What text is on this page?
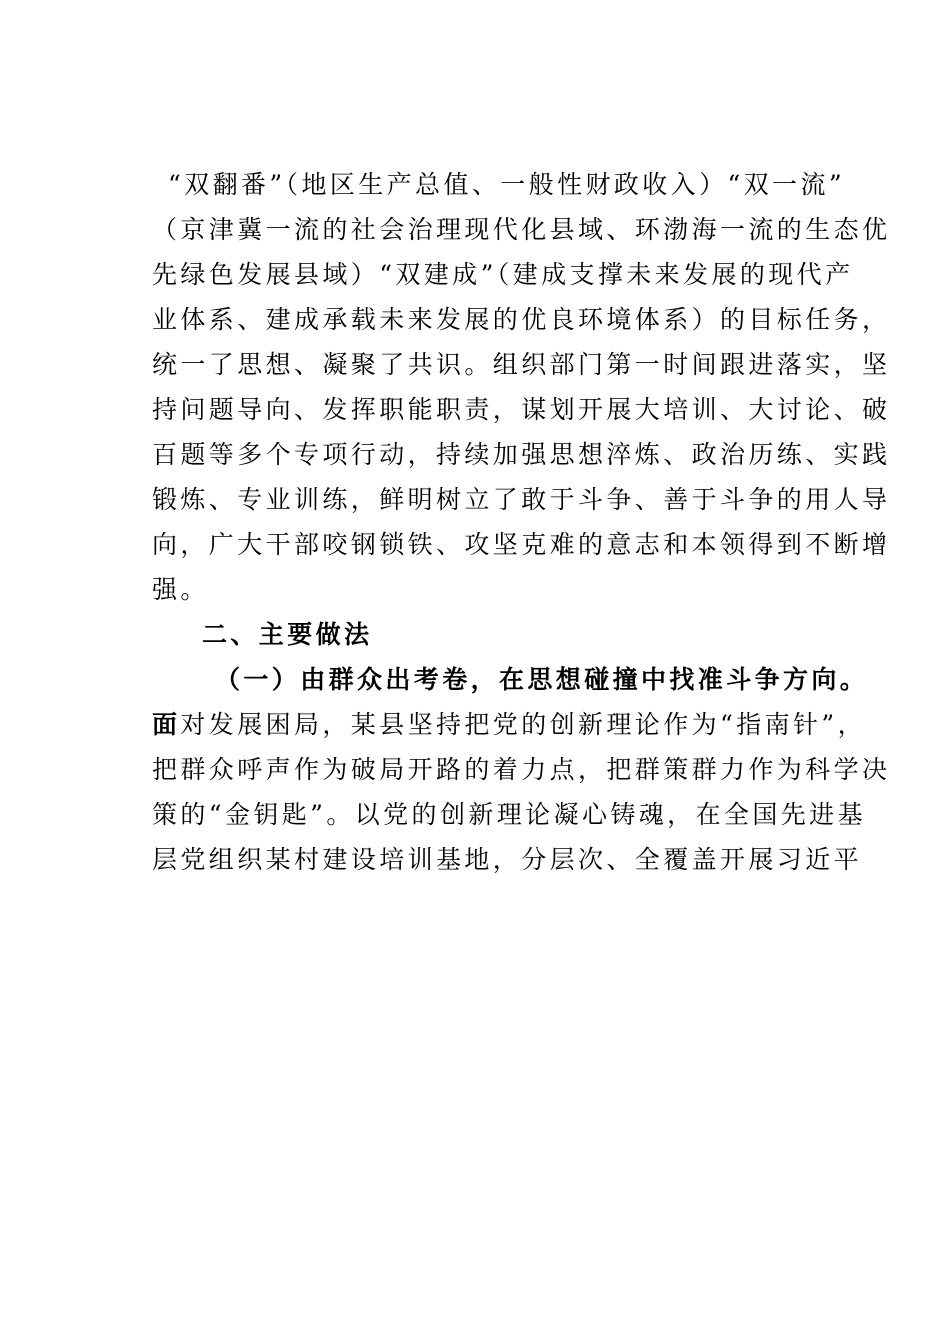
“双翻番”（地区生产总值、一般性财政收入）“双一流”
（京津冀一流的社会治理现代化县域、环渤海一流的生态优
先绿色发展县域）“双建成”（建成支撑未来发展的现代产
业体系、建成承载未来发展的优良环境体系）的目标任务，
统一了思想、凝聚了共识。组织部门第一时间跟进落实，坚
持问题导向、发挥职能职责，谋划开展大培训、大讨论、破
百题等多个专项行动，持续加强思想淬炼、政治历练、实践
锻炼、专业训练，鲜明树立了敢于斗争、善于斗争的用人导
向，广大干部咬钢锁铁、攻坚克难的意志和本领得到不断增
强。
二、主要做法
（一）由群众出考卷，在思想碰撞中找准斗争方向。
面对发展困局，某县坚持把党的创新理论作为“指南针”，
把群众呼声作为破局开路的着力点，把群策群力作为科学决
策的“金钥匙”。以党的创新理论凝心铸魂，在全国先进基
层党组织某村建设培训基地，分层次、全覆盖开展习近平
